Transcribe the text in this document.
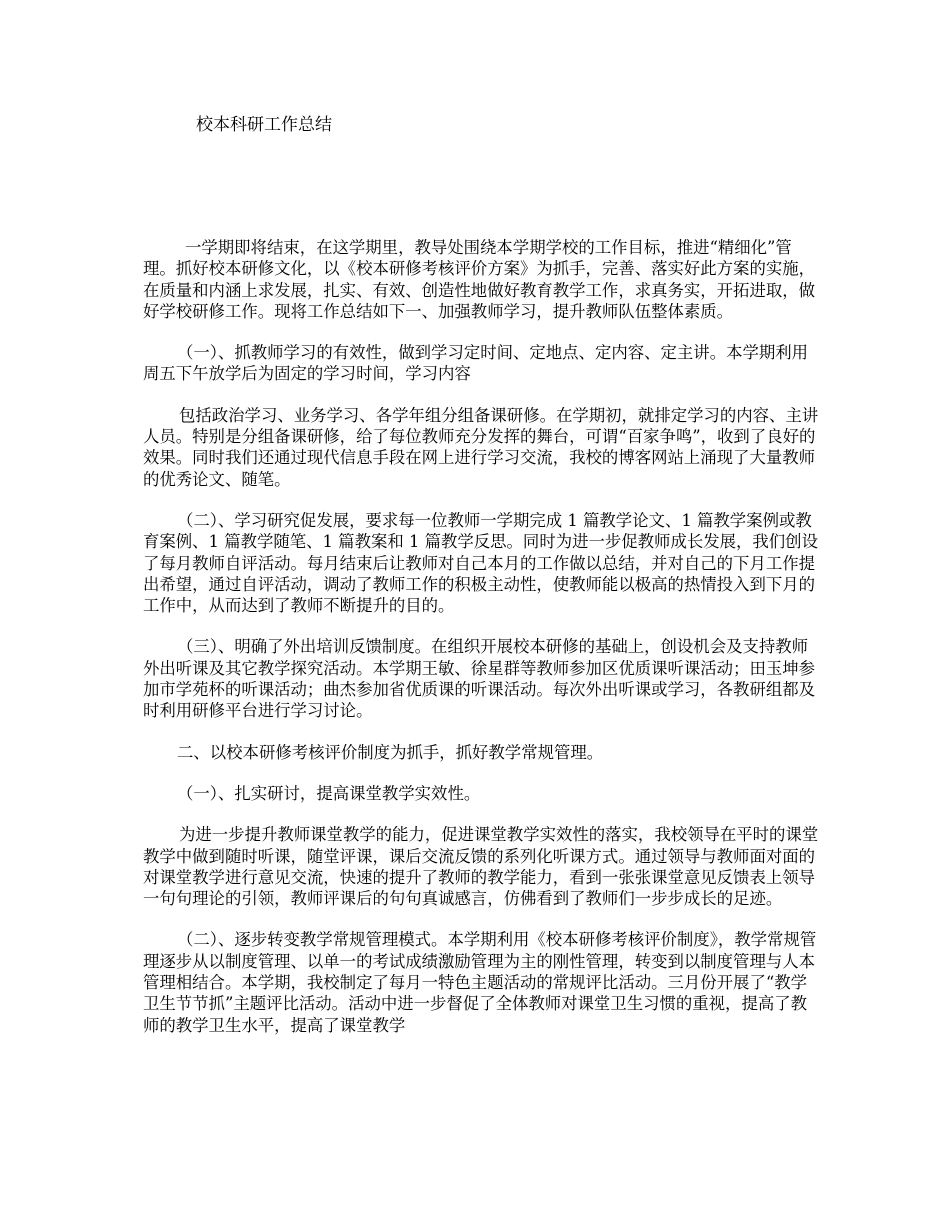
校本科研工作总结

一学期即将结束，在这学期里，教导处围绕本学期学校的工作目标，推进“精细化”管理。抓好校本研修文化，以《校本研修考核评价方案》为抓手，完善、落实好此方案的实施，在质量和内涵上求发展，扎实、有效、创造性地做好教育教学工作，求真务实，开拓进取，做好学校研修工作。现将工作总结如下一、加强教师学习，提升教师队伍整体素质。

（一）、抓教师学习的有效性，做到学习定时间、定地点、定内容、定主讲。本学期利用周五下午放学后为固定的学习时间，学习内容

包括政治学习、业务学习、各学年组分组备课研修。在学期初，就排定学习的内容、主讲人员。特别是分组备课研修，给了每位教师充分发挥的舞台，可谓“百家争鸣”，收到了良好的效果。同时我们还通过现代信息手段在网上进行学习交流，我校的博客网站上涌现了大量教师的优秀论文、随笔。

（二）、学习研究促发展，要求每一位教师一学期完成 1 篇教学论文、1 篇教学案例或教育案例、1 篇教学随笔、1 篇教案和 1 篇教学反思。同时为进一步促教师成长发展，我们创设了每月教师自评活动。每月结束后让教师对自己本月的工作做以总结，并对自己的下月工作提出希望，通过自评活动，调动了教师工作的积极主动性，使教师能以极高的热情投入到下月的工作中，从而达到了教师不断提升的目的。

（三）、明确了外出培训反馈制度。在组织开展校本研修的基础上，创设机会及支持教师外出听课及其它教学探究活动。本学期王敏、徐星群等教师参加区优质课听课活动；田玉坤参加市学苑杯的听课活动；曲杰参加省优质课的听课活动。每次外出听课或学习，各教研组都及时利用研修平台进行学习讨论。

二、以校本研修考核评价制度为抓手，抓好教学常规管理。

（一）、扎实研讨，提高课堂教学实效性。

为进一步提升教师课堂教学的能力，促进课堂教学实效性的落实，我校领导在平时的课堂教学中做到随时听课，随堂评课，课后交流反馈的系列化听课方式。通过领导与教师面对面的对课堂教学进行意见交流，快速的提升了教师的教学能力，看到一张张课堂意见反馈表上领导一句句理论的引领，教师评课后的句句真诚感言，仿佛看到了教师们一步步成长的足迹。

（二）、逐步转变教学常规管理模式。本学期利用《校本研修考核评价制度》，教学常规管理逐步从以制度管理、以单一的考试成绩激励管理为主的刚性管理，转变到以制度管理与人本管理相结合。本学期，我校制定了每月一特色主题活动的常规评比活动。三月份开展了“教学卫生节节抓”主题评比活动。活动中进一步督促了全体教师对课堂卫生习惯的重视，提高了教师的教学卫生水平，提高了课堂教学
